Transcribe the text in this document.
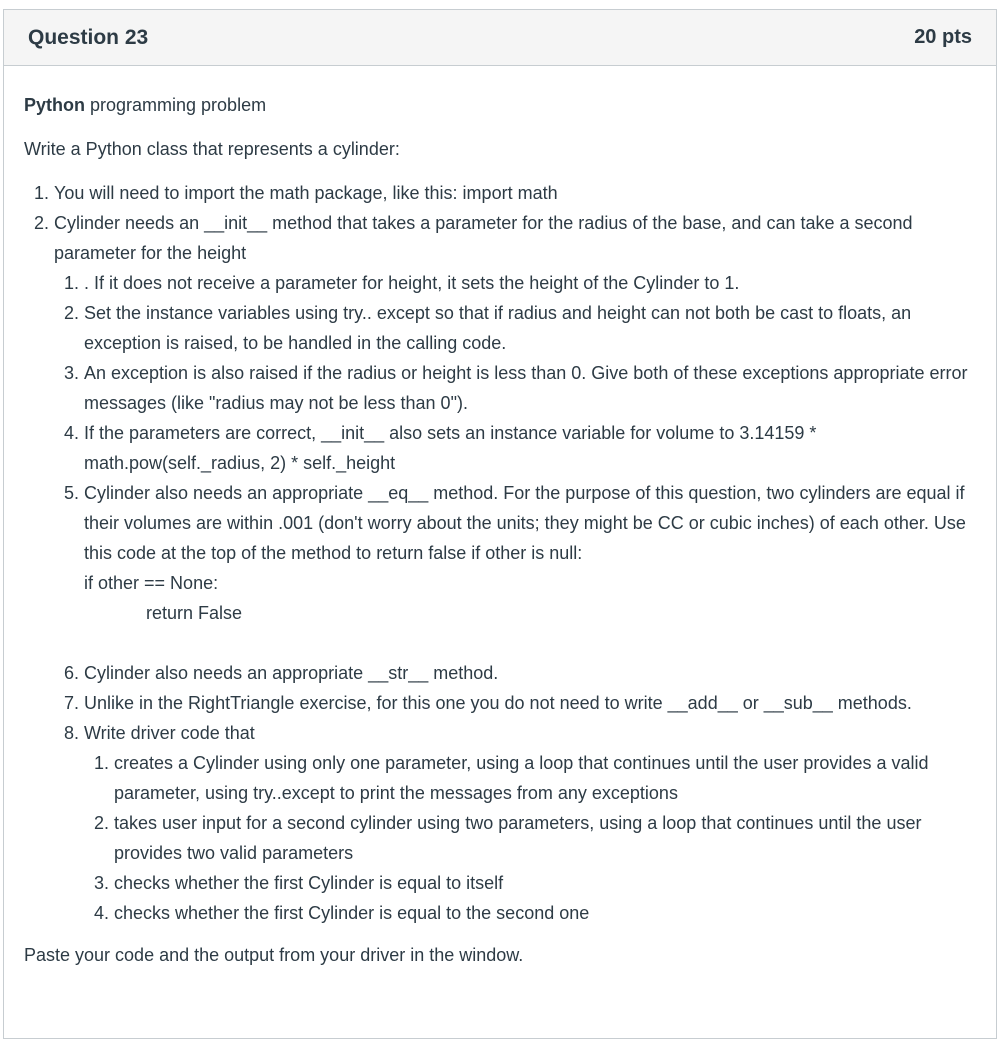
Question 23	20 pts

Python programming problem

Write a Python class that represents a cylinder:

1. You will need to import the math package, like this: import math
2. Cylinder needs an __init__ method that takes a parameter for the radius of the base, and can take a second parameter for the height
1. . If it does not receive a parameter for height, it sets the height of the Cylinder to 1.
2. Set the instance variables using try.. except so that if radius and height can not both be cast to floats, an exception is raised, to be handled in the calling code.
3. An exception is also raised if the radius or height is less than 0. Give both of these exceptions appropriate error messages (like "radius may not be less than 0").
4. If the parameters are correct, __init__ also sets an instance variable for volume to 3.14159 * math.pow(self._radius, 2) * self._height
5. Cylinder also needs an appropriate __eq__ method. For the purpose of this question, two cylinders are equal if their volumes are within .001 (don't worry about the units; they might be CC or cubic inches) of each other. Use this code at the top of the method to return false if other is null:
if other == None:
return False
6. Cylinder also needs an appropriate __str__ method.
7. Unlike in the RightTriangle exercise, for this one you do not need to write __add__ or __sub__ methods.
8. Write driver code that
1. creates a Cylinder using only one parameter, using a loop that continues until the user provides a valid parameter, using try..except to print the messages from any exceptions
2. takes user input for a second cylinder using two parameters, using a loop that continues until the user provides two valid parameters
3. checks whether the first Cylinder is equal to itself
4. checks whether the first Cylinder is equal to the second one

Paste your code and the output from your driver in the window.
